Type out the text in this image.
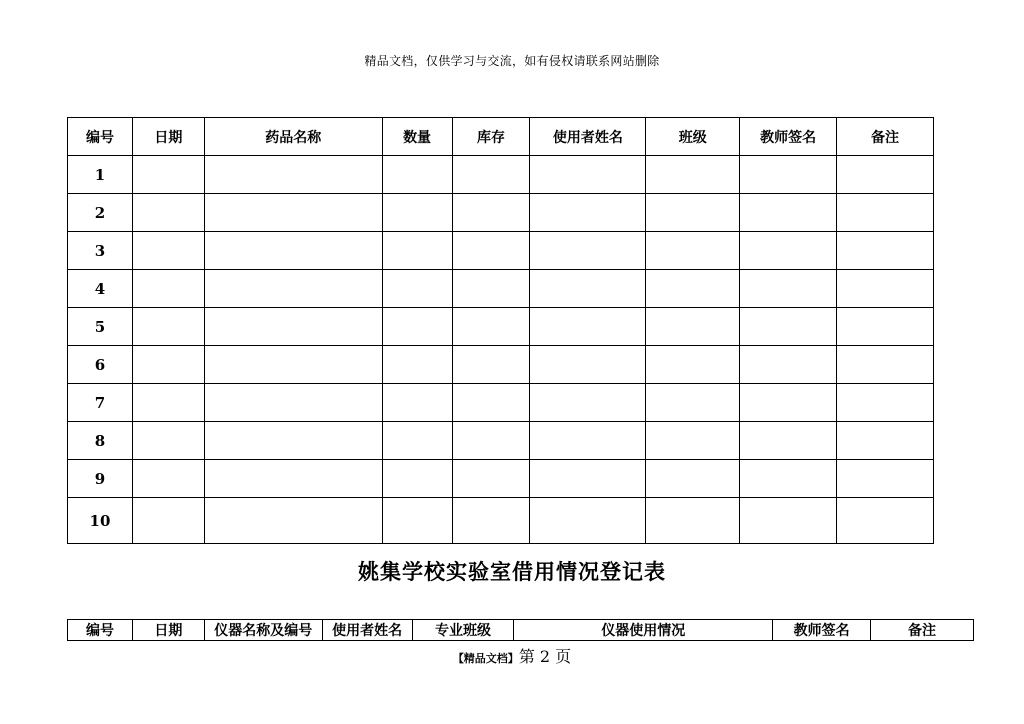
精品文档，仅供学习与交流，如有侵权请联系网站删除
编号	日期	药品名称	数量	库存	使用者姓名	班级	教师签名	备注
1								
2								
3								
4								
5								
6								
7								
8								
9								
10								
姚集学校实验室借用情况登记表
编号	日期	仪器名称及编号	使用者姓名	专业班级	仪器使用情况	教师签名	备注
【精品文档】第 2 页
